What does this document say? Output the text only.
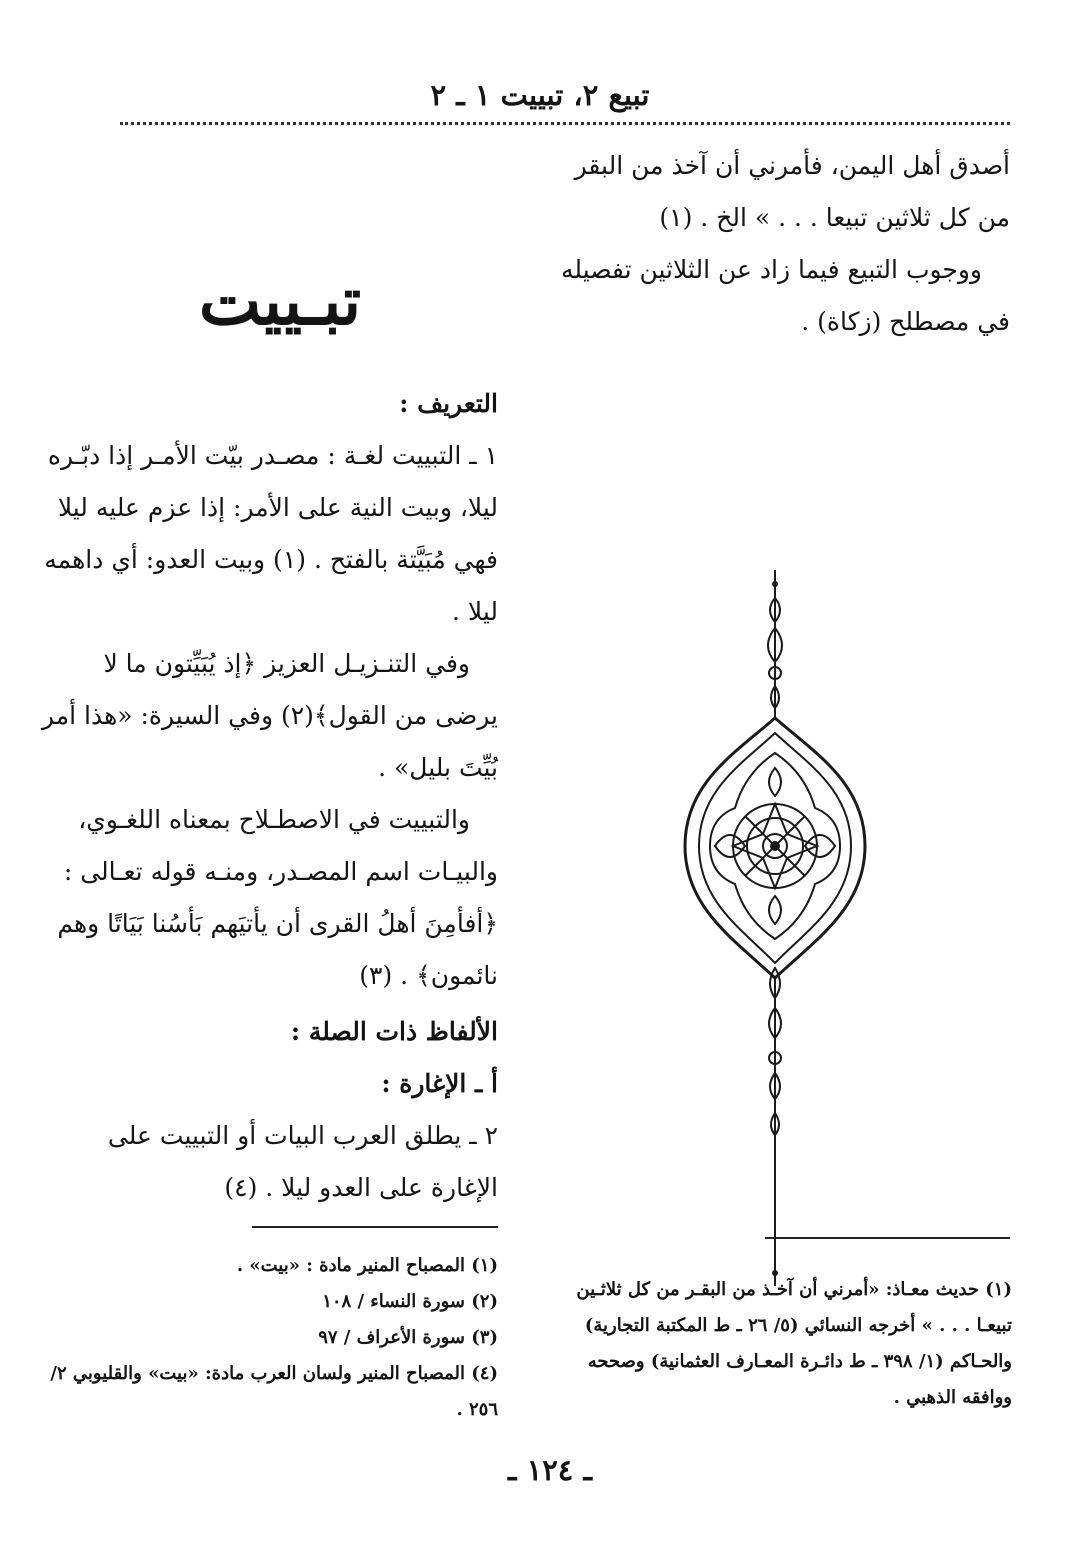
تبيع ٢، تبييت ١ ـ ٢

أصدق أهل اليمن، فأمرني أن آخذ من البقر من كل ثلاثين تبيعا . . . » الخ . (١)

ووجوب التبيع فيما زاد عن الثلاثين تفصيله في مصطلح (زكاة) .

تبـييت

التعريف :

١ ـ التبييت لغـة : مصـدر بيّت الأمـر إذا دبّـره ليلا، وبيت النية على الأمر: إذا عزم عليه ليلا فهي مُبَيَّتة بالفتح . (١) وبيت العدو: أي داهمه ليلا .

وفي التنـزيـل العزيز ﴿إذ يُبَيِّتون ما لا يرضى من القول﴾(٢) وفي السيرة: «هذا أمر بُيِّتَ بليل» .

والتبييت في الاصطـلاح بمعناه اللغـوي، والبيـات اسم المصـدر، ومنـه قوله تعـالى : ﴿أفأمِنَ أهلُ القرى أن يأتيَهم بَأسُنا بَيَاتًا وهم نائمون﴾ . (٣)

الألفاظ ذات الصلة :

أ ـ الإغارة :

٢ ـ يطلق العرب البيات أو التبييت على الإغارة على العدو ليلا . (٤)

(١) حديث معـاذ: «أمرني أن آخـذ من البقـر من كل ثلاثـين تبيعـا . . . » أخرجه النسائي (٥/ ٢٦ ـ ط المكتبة التجارية) والحـاكم (١/ ٣٩٨ ـ ط دائـرة المعـارف العثمانية) وصححه ووافقه الذهبي .

(١) المصباح المنير مادة : «بيت» .

(٢) سورة النساء / ١٠٨

(٣) سورة الأعراف / ٩٧

(٤) المصباح المنير ولسان العرب مادة: «بيت» والقليوبي ٢/ ٢٥٦ .

ـ ١٢٤ ـ
